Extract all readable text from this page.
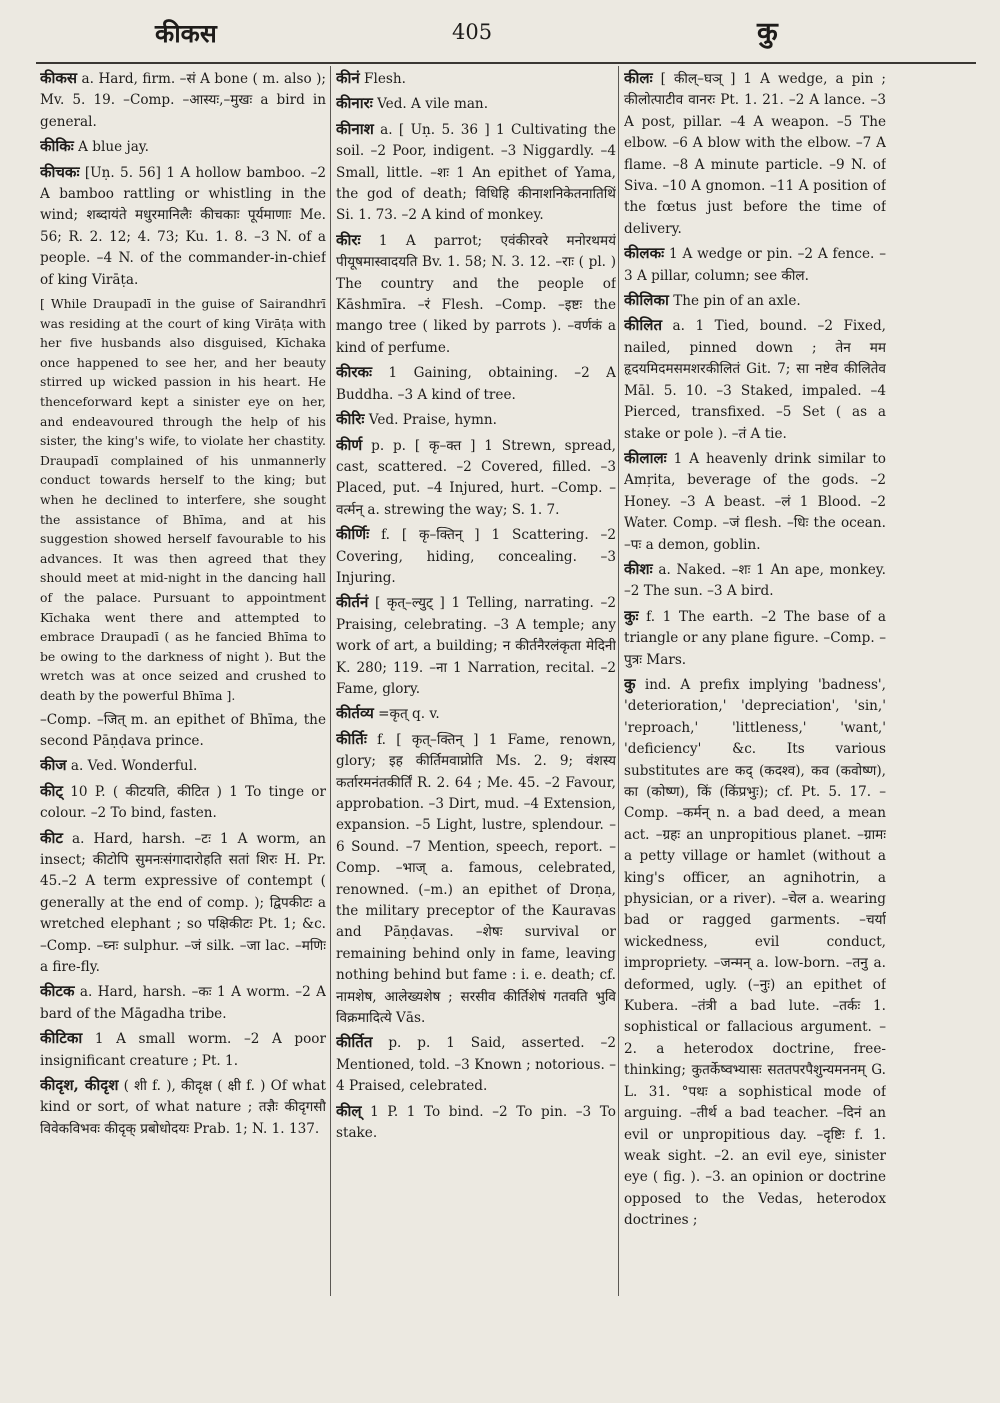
कीकस	405	कु

कीकस a. Hard, firm. –सं A bone ( m. also ); Mv. 5. 19. –Comp. –आस्यः,–मुखः a bird in general.

कीकिः A blue jay.

कीचकः [Uṇ. 5. 56] 1 A hollow bamboo. –2 A bamboo rattling or whistling in the wind; शब्दायंते मधुरमानिलैः कीचकाः पूर्यमाणाः Me. 56; R. 2. 12; 4. 73; Ku. 1. 8. –3 N. of a people. –4 N. of the commander-in-chief of king Virāṭa.

[ While Draupadī in the guise of Sairandhrī was residing at the court of king Virāṭa with her five husbands also disguised, Kīchaka once happened to see her, and her beauty stirred up wicked passion in his heart. He thenceforward kept a sinister eye on her, and endeavoured through the help of his sister, the king's wife, to violate her chastity. Draupadī complained of his unmannerly conduct towards herself to the king; but when he declined to interfere, she sought the assistance of Bhīma, and at his suggestion showed herself favourable to his advances. It was then agreed that they should meet at mid-night in the dancing hall of the palace. Pursuant to appointment Kīchaka went there and attempted to embrace Draupadī ( as he fancied Bhīma to be owing to the darkness of night ). But the wretch was at once seized and crushed to death by the powerful Bhīma ].

–Comp. –जित् m. an epithet of Bhīma, the second Pāṇḍava prince.

कीज a. Ved. Wonderful.

कीट् 10 P. ( कीटयति, कीटित ) 1 To tinge or colour. –2 To bind, fasten.

कीट a. Hard, harsh. –टः 1 A worm, an insect; कीटोपि सुमनःसंगादारोहति सतां शिरः H. Pr. 45.–2 A term expressive of contempt ( generally at the end of comp. ); द्विपकीटः a wretched elephant ; so पक्षिकीटः Pt. 1; &c. –Comp. –घ्नः sulphur. –जं silk. –जा lac. –मणिः a fire-fly.

कीटक a. Hard, harsh. –कः 1 A worm. –2 A bard of the Māgadha tribe.

कीटिका 1 A small worm. –2 A poor insignificant creature ; Pt. 1.

कीदृश, कीदृश ( शी f. ), कीदृक्ष ( क्षी f. ) Of what kind or sort, of what nature ; तज्ञैः कीदृगसौ विवेकविभवः कीदृक् प्रबोधोदयः Prab. 1; N. 1. 137.

कीनं Flesh.

कीनारः Ved. A vile man.

कीनाश a. [ Uṇ. 5. 36 ] 1 Cultivating the soil. –2 Poor, indigent. –3 Niggardly. –4 Small, little. –शः 1 An epithet of Yama, the god of death; विधिहि कीनाशनिकेतनातिथिं Si. 1. 73. –2 A kind of monkey.

कीरः 1 A parrot; एवंकीरवरे मनोरथमयं पीयूषमास्वादयति Bv. 1. 58; N. 3. 12. –राः ( pl. ) The country and the people of Kāshmīra. –रं Flesh. –Comp. –इष्टः the mango tree ( liked by parrots ). –वर्णकं a kind of perfume.

कीरकः 1 Gaining, obtaining. –2 A Buddha. –3 A kind of tree.

कीरिः Ved. Praise, hymn.

कीर्ण p. p. [ कृ–क्त ] 1 Strewn, spread, cast, scattered. –2 Covered, filled. –3 Placed, put. –4 Injured, hurt. –Comp. –वर्त्मन् a. strewing the way; S. 1. 7.

कीर्णिः f. [ कृ–क्तिन् ] 1 Scattering. –2 Covering, hiding, concealing. –3 Injuring.

कीर्तनं [ कृत्–ल्युट् ] 1 Telling, narrating. –2 Praising, celebrating. –3 A temple; any work of art, a building; न कीर्तनैरलंकृता मेदिनी K. 280; 119. –ना 1 Narration, recital. –2 Fame, glory.

कीर्तव्य =कृत् q. v.

कीर्तिः f. [ कृत्–क्तिन् ] 1 Fame, renown, glory; इह कीर्तिमवाप्नोति Ms. 2. 9; वंशस्य कर्तारमनंतकीर्तिं R. 2. 64 ; Me. 45. –2 Favour, approbation. –3 Dirt, mud. –4 Extension, expansion. –5 Light, lustre, splendour. –6 Sound. –7 Mention, speech, report. –Comp. –भाज् a. famous, celebrated, renowned. (–m.) an epithet of Droṇa, the military preceptor of the Kauravas and Pāṇḍavas. –शेषः survival or remaining behind only in fame, leaving nothing behind but fame : i. e. death; cf. नामशेष, आलेख्यशेष ; सरसीव कीर्तिशेषं गतवति भुवि विक्रमादित्ये Vās.

कीर्तित p. p. 1 Said, asserted. –2 Mentioned, told. –3 Known ; notorious. –4 Praised, celebrated.

कील् 1 P. 1 To bind. –2 To pin. –3 To stake.

कीलः [ कील्–घञ् ] 1 A wedge, a pin ; कीलोत्पाटीव वानरः Pt. 1. 21. –2 A lance. –3 A post, pillar. –4 A weapon. –5 The elbow. –6 A blow with the elbow. –7 A flame. –8 A minute particle. –9 N. of Siva. –10 A gnomon. –11 A position of the fœtus just before the time of delivery.

कीलकः 1 A wedge or pin. –2 A fence. –3 A pillar, column; see कील.

कीलिका The pin of an axle.

कीलित a. 1 Tied, bound. –2 Fixed, nailed, pinned down ; तेन मम हृदयमिदमसमशरकीलितं Git. 7; सा नष्टेव कीलितेव Māl. 5. 10. –3 Staked, impaled. –4 Pierced, transfixed. –5 Set ( as a stake or pole ). –तं A tie.

कीलालः 1 A heavenly drink similar to Amṛita, beverage of the gods. –2 Honey. –3 A beast. –लं 1 Blood. –2 Water. Comp. –जं flesh. –धिः the ocean. –पः a demon, goblin.

कीशः a. Naked. –शः 1 An ape, monkey. –2 The sun. –3 A bird.

कुः f. 1 The earth. –2 The base of a triangle or any plane figure. –Comp. –पुत्रः Mars.

कु ind. A prefix implying 'badness', 'deterioration,' 'depreciation', 'sin,' 'reproach,' 'littleness,' 'want,' 'deficiency' &c. Its various substitutes are कद् (कदश्व), कव (कवोष्ण), का (कोष्ण), किं (किंप्रभुः); cf. Pt. 5. 17. –Comp. –कर्मन् n. a bad deed, a mean act. –ग्रहः an unpropitious planet. –ग्रामः a petty village or hamlet (without a king's officer, an agnihotrin, a physician, or a river). –चेल a. wearing bad or ragged garments. –चर्या wickedness, evil conduct, impropriety. –जन्मन् a. low-born. –तनु a. deformed, ugly. (–नुः) an epithet of Kubera. –तंत्री a bad lute. –तर्कः 1. sophistical or fallacious argument. –2. a heterodox doctrine, free-thinking; कुतर्केष्वभ्यासः सततपरपैशुन्यमननम् G. L. 31. °पथः a sophistical mode of arguing. –तीर्थ a bad teacher. –दिनं an evil or unpropitious day. –दृष्टिः f. 1. weak sight. –2. an evil eye, sinister eye ( fig. ). –3. an opinion or doctrine opposed to the Vedas, heterodox doctrines ;
